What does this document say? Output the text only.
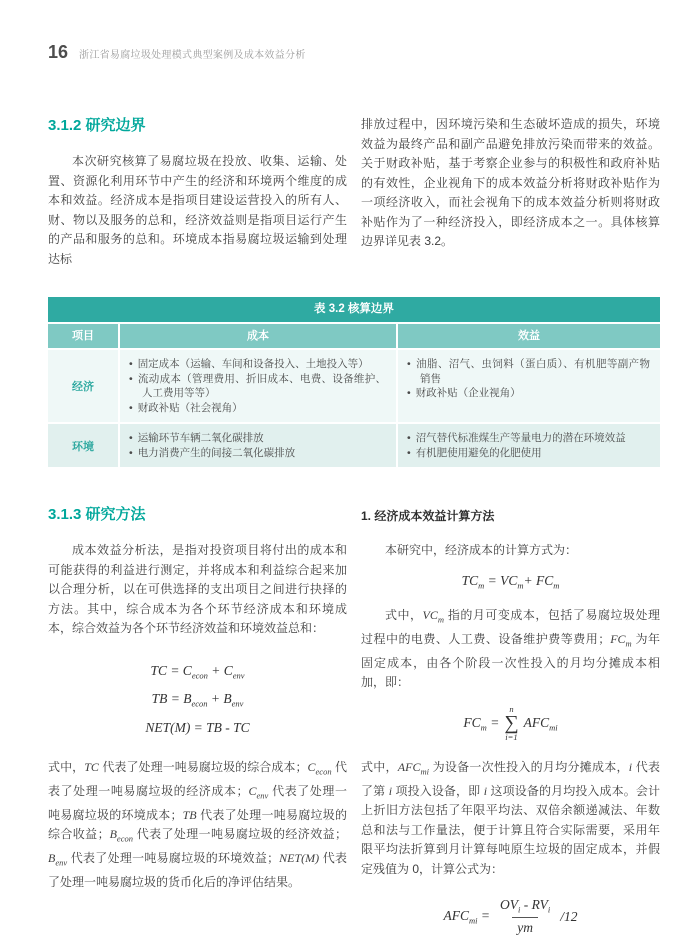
16 浙江省易腐垃圾处理模式典型案例及成本效益分析
3.1.2 研究边界

本次研究核算了易腐垃圾在投放、收集、运输、处置、资源化利用环节中产生的经济和环境两个维度的成本和效益。经济成本是指项目建设运营投入的所有人、财、物以及服务的总和，经济效益则是指项目运行产生的产品和服务的总和。环境成本指易腐垃圾运输到处理达标

排放过程中，因环境污染和生态破坏造成的损失，环境效益为最终产品和副产品避免排放污染而带来的效益。关于财政补贴，基于考察企业参与的积极性和政府补贴的有效性，企业视角下的成本效益分析将财政补贴作为一项经济收入，而社会视角下的成本效益分析则将财政补贴作为了一种经济投入，即经济成本之一。具体核算边界详见表 3.2。

表 3.2 核算边界
项目	成本	效益
经济
• 固定成本（运输、车间和设备投入、土地投入等）
• 流动成本（管理费用、折旧成本、电费、设备维护、人工费用等等）
• 财政补贴（社会视角）
• 油脂、沼气、虫饲料（蛋白质）、有机肥等副产物销售
• 财政补贴（企业视角）
环境
• 运输环节车辆二氧化碳排放
• 电力消费产生的间接二氧化碳排放
• 沼气替代标准煤生产等量电力的潜在环境效益
• 有机肥使用避免的化肥使用
3.1.3 研究方法

成本效益分析法，是指对投资项目将付出的成本和可能获得的利益进行测定，并将成本和利益综合起来加以合理分析，以在可供选择的支出项目之间进行抉择的方法。其中，综合成本为各个环节经济成本和环境成本，综合效益为各个环节经济效益和环境效益总和：

TC = $C_{econ} + C_{env}$
TB = $B_{econ} + B_{env}$
NET(M) = TB - TC

式中，TC 代表了处理一吨易腐垃圾的综合成本；$C_{econ}$ 代表了处理一吨易腐垃圾的经济成本；$C_{env}$ 代表了处理一吨易腐垃圾的环境成本；TB 代表了处理一吨易腐垃圾的综合收益；$B_{econ}$ 代表了处理一吨易腐垃圾的经济效益；$B_{env}$ 代表了处理一吨易腐垃圾的环境效益；NET(M) 代表了处理一吨易腐垃圾的货币化后的净评估结果。

1. 经济成本效益计算方法

本研究中，经济成本的计算方式为：

$TC_m = VC_m+ FC_m$

式中，$VC_m$ 指的月可变成本，包括了易腐垃圾处理过程中的电费、人工费、设备维护费等费用；$FC_m$ 为年固定成本，由各个阶段一次性投入的月均分摊成本相加，即：

$FC_m$ =
n
∑
i=1
$AFC_{mi}$

式中，$AFC_{mi}$ 为设备一次性投入的月均分摊成本，i 代表了第 i 项投入设备，即 i 这项设备的月均投入成本。会计上折旧方法包括了年限平均法、双倍余额递减法、年数总和法与工作量法，便于计算且符合实际需要，采用年限平均法折算到月计算每吨原生垃圾的固定成本，并假定残值为 0，计算公式为：

$AFC_{mi} = \frac{OV_i - RV_i}{ym} /12$
